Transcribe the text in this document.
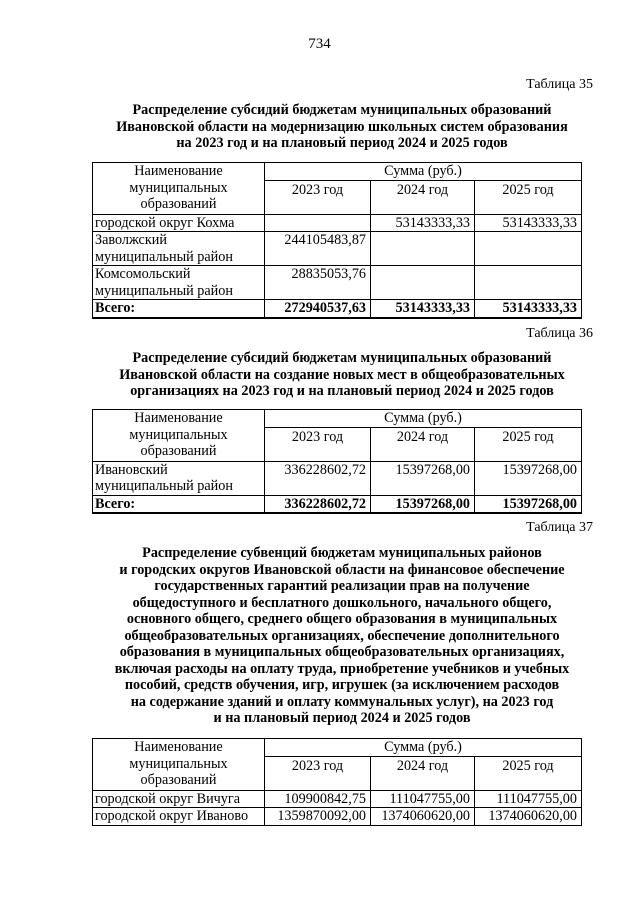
734
Таблица 35
Распределение субсидий бюджетам муниципальных образований
Ивановской области на модернизацию школьных систем образования
на 2023 год и на плановый период 2024 и 2025 годов
Наименование
муниципальных
образований	Сумма (руб.)		
	2023 год	2024 год	2025 год
городской округ Кохма		53143333,33	53143333,33

Заволжский
муниципальный район	244105483,87		

Комсомольский
муниципальный район	28835053,76		
Всего:	272940537,63	53143333,33	53143333,33
Таблица 36
Распределение субсидий бюджетам муниципальных образований
Ивановской области на создание новых мест в общеобразовательных
организациях на 2023 год и на плановый период 2024 и 2025 годов
Наименование
муниципальных
образований	Сумма (руб.)		
	2023 год	2024 год	2025 год

Ивановский
муниципальный район	336228602,72	15397268,00	15397268,00
Всего:	336228602,72	15397268,00	15397268,00
Таблица 37
Распределение субвенций бюджетам муниципальных районов
и городских округов Ивановской области на финансовое обеспечение
государственных гарантий реализации прав на получение
общедоступного и бесплатного дошкольного, начального общего,
основного общего, среднего общего образования в муниципальных
общеобразовательных организациях, обеспечение дополнительного
образования в муниципальных общеобразовательных организациях,
включая расходы на оплату труда, приобретение учебников и учебных
пособий, средств обучения, игр, игрушек (за исключением расходов
на содержание зданий и оплату коммунальных услуг), на 2023 год
и на плановый период 2024 и 2025 годов
Наименование
муниципальных
образований	Сумма (руб.)		
	2023 год	2024 год	2025 год
городской округ Вичуга	109900842,75	111047755,00	111047755,00
городской округ Иваново	1359870092,00	1374060620,00	1374060620,00
